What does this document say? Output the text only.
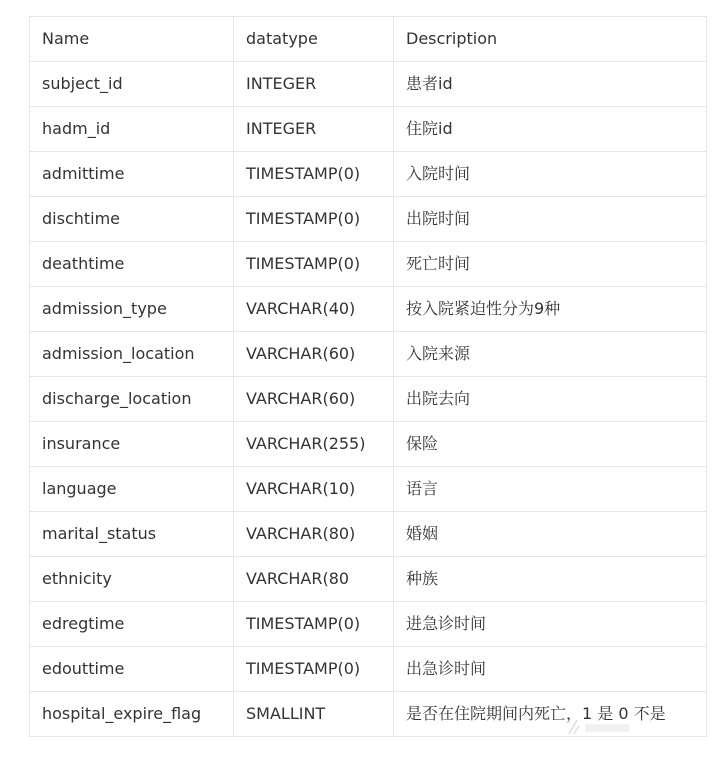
Name	datatype	Description
subject_id	INTEGER	患者id
hadm_id	INTEGER	住院id
admittime	TIMESTAMP(0)	入院时间
dischtime	TIMESTAMP(0)	出院时间
deathtime	TIMESTAMP(0)	死亡时间
admission_type	VARCHAR(40)	按入院紧迫性分为9种
admission_location	VARCHAR(60)	入院来源
discharge_location	VARCHAR(60)	出院去向
insurance	VARCHAR(255)	保险
language	VARCHAR(10)	语言
marital_status	VARCHAR(80)	婚姻
ethnicity	VARCHAR(80	种族
edregtime	TIMESTAMP(0)	进急诊时间
edouttime	TIMESTAMP(0)	出急诊时间
hospital_expire_flag	SMALLINT	是否在住院期间内死亡，1 是 0 不是
